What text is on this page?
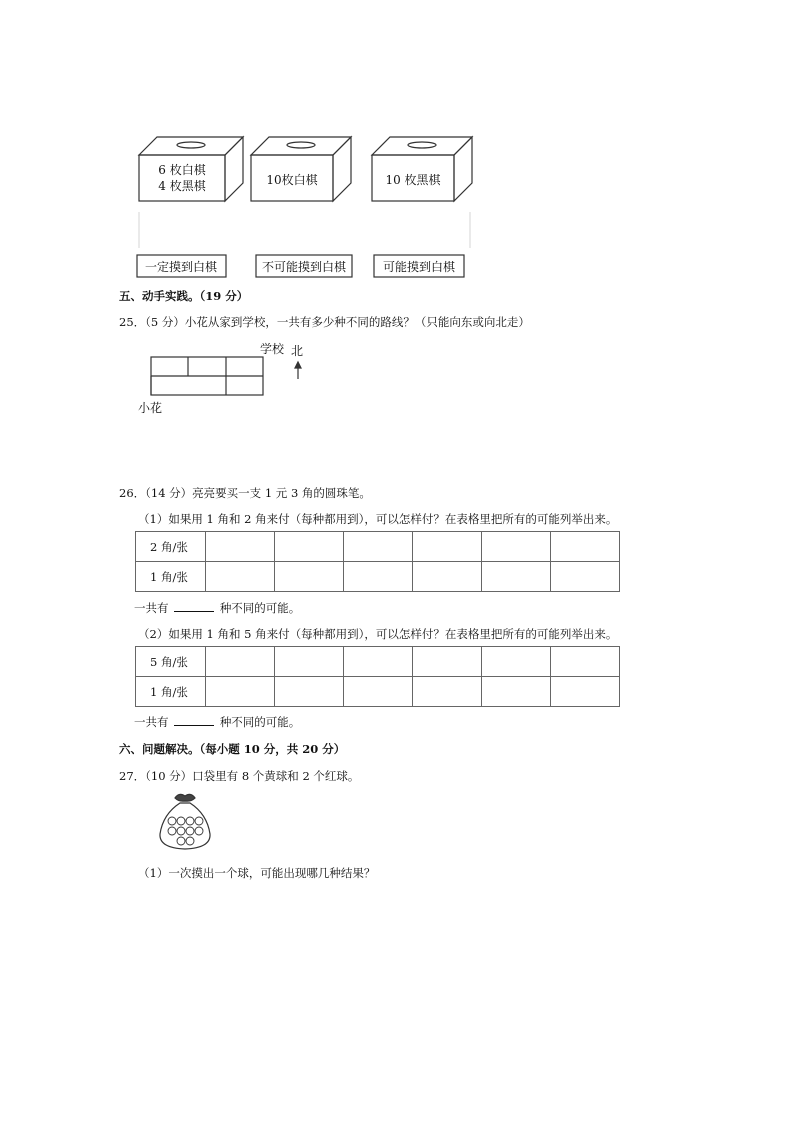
6 枚白棋
4 枚黑棋	10枚白棋	10 枚黑棋
一定摸到白棋	不可能摸到白棋	可能摸到白棋
五、动手实践。（19 分）
25．（5 分）小花从家到学校，一共有多少种不同的路线？（只能向东或向北走）
学校 北
小花
26．（14 分）亮亮要买一支 1 元 3 角的圆珠笔。
（1）如果用 1 角和 2 角来付（每种都用到），可以怎样付？在表格里把所有的可能列举出来。
2 角/张						
1 角/张						
一共有	种不同的可能。
（2）如果用 1 角和 5 角来付（每种都用到），可以怎样付？在表格里把所有的可能列举出来。
5 角/张						
1 角/张						
一共有	种不同的可能。
六、问题解决。（每小题 10 分，共 20 分）
27．（10 分）口袋里有 8 个黄球和 2 个红球。
（1）一次摸出一个球，可能出现哪几种结果？
